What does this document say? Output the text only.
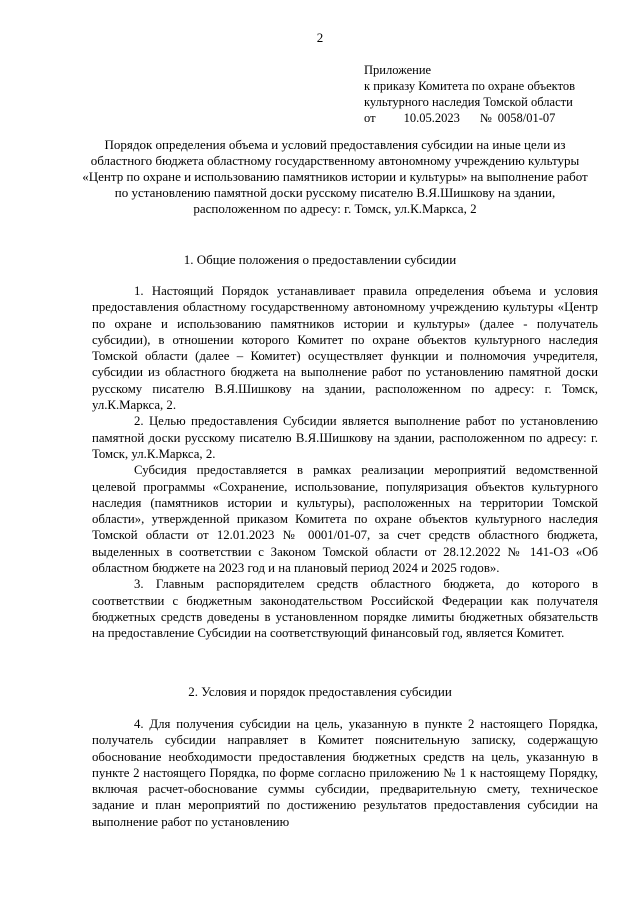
2
Приложение
к приказу Комитета по охране объектов
культурного наследия Томской области
от 10.05.2023 № 0058/01-07
Порядок определения объема и условий предоставления субсидии на иные цели из областного бюджета областному государственному автономному учреждению культуры «Центр по охране и использованию памятников истории и культуры» на выполнение работ по установлению памятной доски русскому писателю В.Я.Шишкову на здании, расположенном по адресу: г. Томск, ул.К.Маркса, 2
1. Общие положения о предоставлении субсидии

1. Настоящий Порядок устанавливает правила определения объема и условия предоставления областному государственному автономному учреждению культуры «Центр по охране и использованию памятников истории и культуры» (далее - получатель субсидии), в отношении которого Комитет по охране объектов культурного наследия Томской области (далее – Комитет) осуществляет функции и полномочия учредителя, субсидии из областного бюджета на выполнение работ по установлению памятной доски русскому писателю В.Я.Шишкову на здании, расположенном по адресу: г. Томск, ул.К.Маркса, 2.

2. Целью предоставления Субсидии является выполнение работ по установлению памятной доски русскому писателю В.Я.Шишкову на здании, расположенном по адресу: г. Томск, ул.К.Маркса, 2.

Субсидия предоставляется в рамках реализации мероприятий ведомственной целевой программы «Сохранение, использование, популяризация объектов культурного наследия (памятников истории и культуры), расположенных на территории Томской области», утвержденной приказом Комитета по охране объектов культурного наследия Томской области от 12.01.2023 № 0001/01-07, за счет средств областного бюджета, выделенных в соответствии с Законом Томской области от 28.12.2022 № 141-ОЗ «Об областном бюджете на 2023 год и на плановый период 2024 и 2025 годов».

3. Главным распорядителем средств областного бюджета, до которого в соответствии с бюджетным законодательством Российской Федерации как получателя бюджетных средств доведены в установленном порядке лимиты бюджетных обязательств на предоставление Субсидии на соответствующий финансовый год, является Комитет.

2. Условия и порядок предоставления субсидии

4. Для получения субсидии на цель, указанную в пункте 2 настоящего Порядка, получатель субсидии направляет в Комитет пояснительную записку, содержащую обоснование необходимости предоставления бюджетных средств на цель, указанную в пункте 2 настоящего Порядка, по форме согласно приложению № 1 к настоящему Порядку, включая расчет-обоснование суммы субсидии, предварительную смету, техническое задание и план мероприятий по достижению результатов предоставления субсидии на выполнение работ по установлению
